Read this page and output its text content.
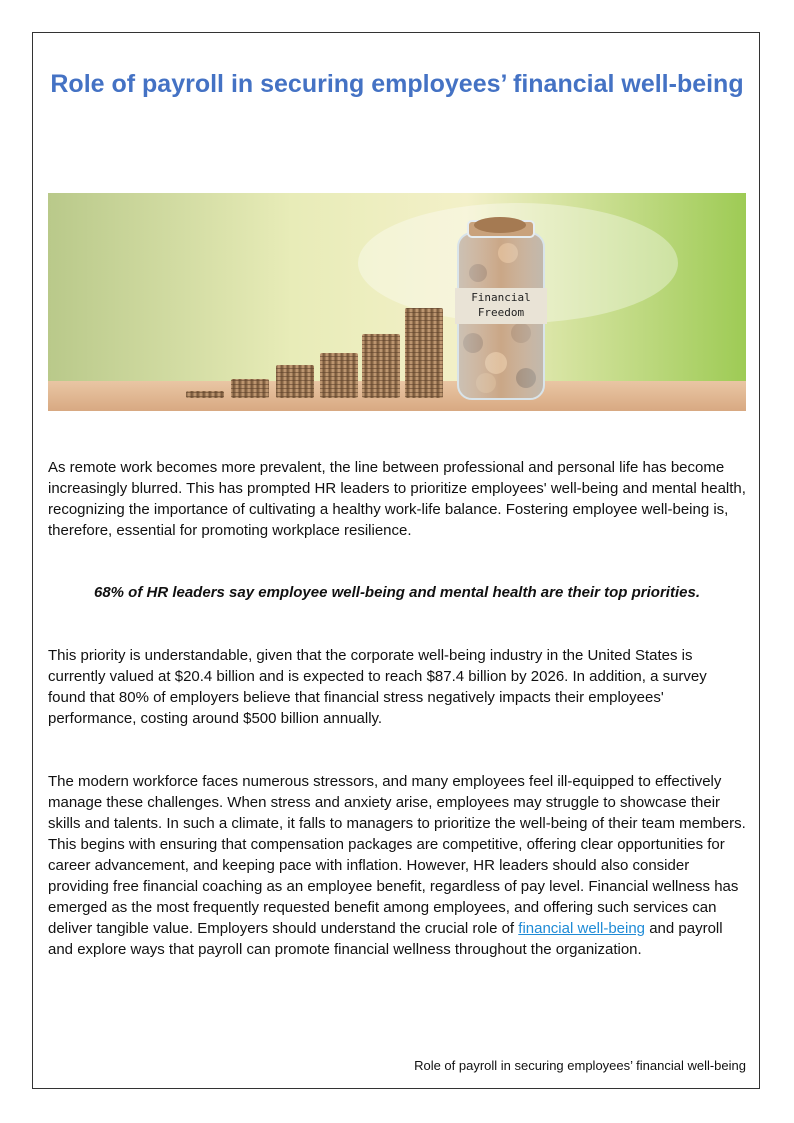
Role of payroll in securing employees’ financial well-being
Financial
Freedom

As remote work becomes more prevalent, the line between professional and personal life has become increasingly blurred. This has prompted HR leaders to prioritize employees' well-being and mental health, recognizing the importance of cultivating a healthy work-life balance. Fostering employee well-being is, therefore, essential for promoting workplace resilience.

68% of HR leaders say employee well-being and mental health are their top priorities.

This priority is understandable, given that the corporate well-being industry in the United States is currently valued at $20.4 billion and is expected to reach $87.4 billion by 2026. In addition, a survey found that 80% of employers believe that financial stress negatively impacts their employees' performance, costing around $500 billion annually.

The modern workforce faces numerous stressors, and many employees feel ill-equipped to effectively manage these challenges. When stress and anxiety arise, employees may struggle to showcase their skills and talents. In such a climate, it falls to managers to prioritize the well-being of their team members. This begins with ensuring that compensation packages are competitive, offering clear opportunities for career advancement, and keeping pace with inflation. However, HR leaders should also consider providing free financial coaching as an employee benefit, regardless of pay level. Financial wellness has emerged as the most frequently requested benefit among employees, and offering such services can deliver tangible value. Employers should understand the crucial role of financial well-being and payroll and explore ways that payroll can promote financial wellness throughout the organization.

Role of payroll in securing employees’ financial well-being
